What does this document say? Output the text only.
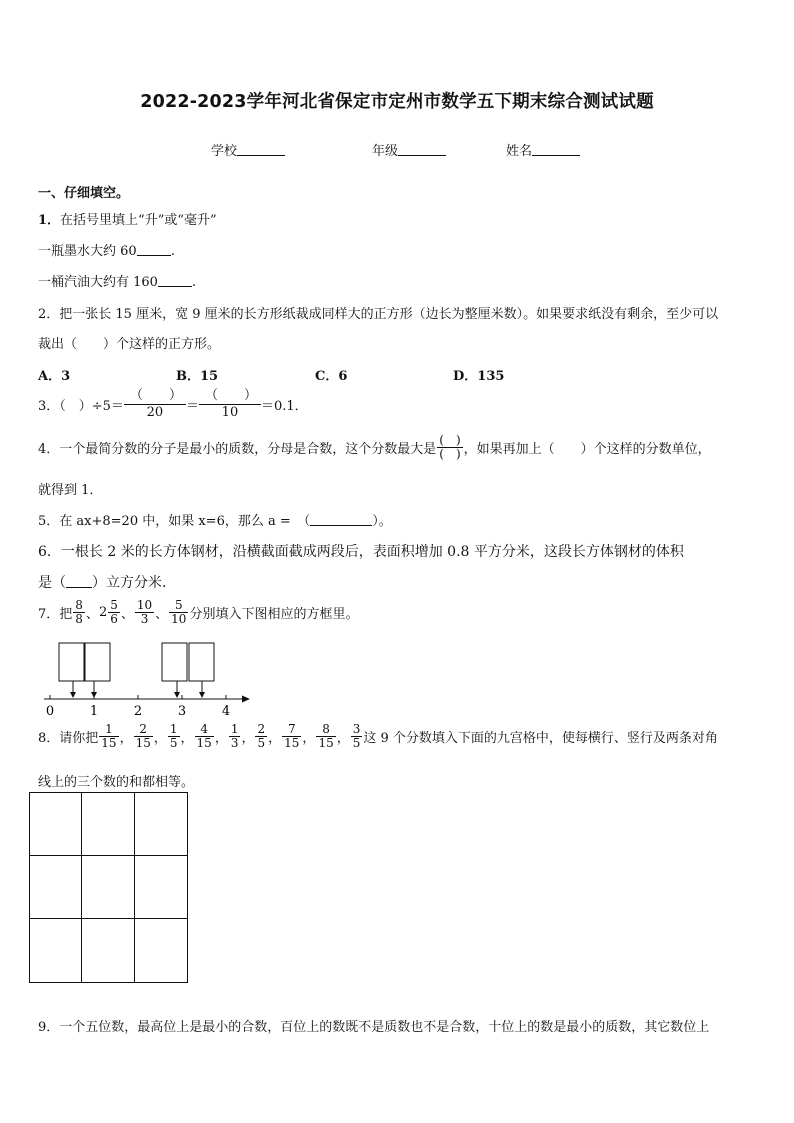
2022-2023学年河北省保定市定州市数学五下期末综合测试试题
学校	年级	姓名
一、仔细填空。
1．在括号里填上“升”或“毫升”
一瓶墨水大约 60	.
一桶汽油大约有 160	.
2．把一张长 15 厘米，宽 9 厘米的长方形纸裁成同样大的正方形（边长为整厘米数）。如果要求纸没有剩余，至少可以
裁出（　　）个这样的正方形。
A．3	B．15	C．6	D．135
3．（　）$\div 5= \frac{( )}{20} = \frac{( )}{10} =0.1$．
4．一个最简分数的分子是最小的质数，分母是合数，这个分数最大是 $\frac{( )}{( )}$ ，如果再加上（　　）个这样的分数单位，
就得到 1．
5．在 ax+8=20 中，如果 x=6，那么 a =　（	）。
6．一根长 2 米的长方体钢材，沿横截面截成两段后，表面积增加 0.8 平方分米，这段长方体钢材的体积
是（ ）立方分米.
7．把 $\frac{8}{8}$ 、 $2 \frac{5}{6}$ 、 $\frac{10}{3}$ 、 $\frac{5}{10}$ 分别填入下图相应的方框里。
0	1	2	3	4
8．请你把 $\frac{1}{15}$ ， $\frac{2}{15}$ ， $\frac{1}{5}$ ， $\frac{4}{15}$ ， $\frac{1}{3}$ ， $\frac{2}{5}$ ， $\frac{7}{15}$ ， $\frac{8}{15}$ ， $\frac{3}{5}$ 这 9 个分数填入下面的九宫格中，使每横行、竖行及两条对角
线上的三个数的和都相等。
9．一个五位数，最高位上是最小的合数，百位上的数既不是质数也不是合数，十位上的数是最小的质数，其它数位上
